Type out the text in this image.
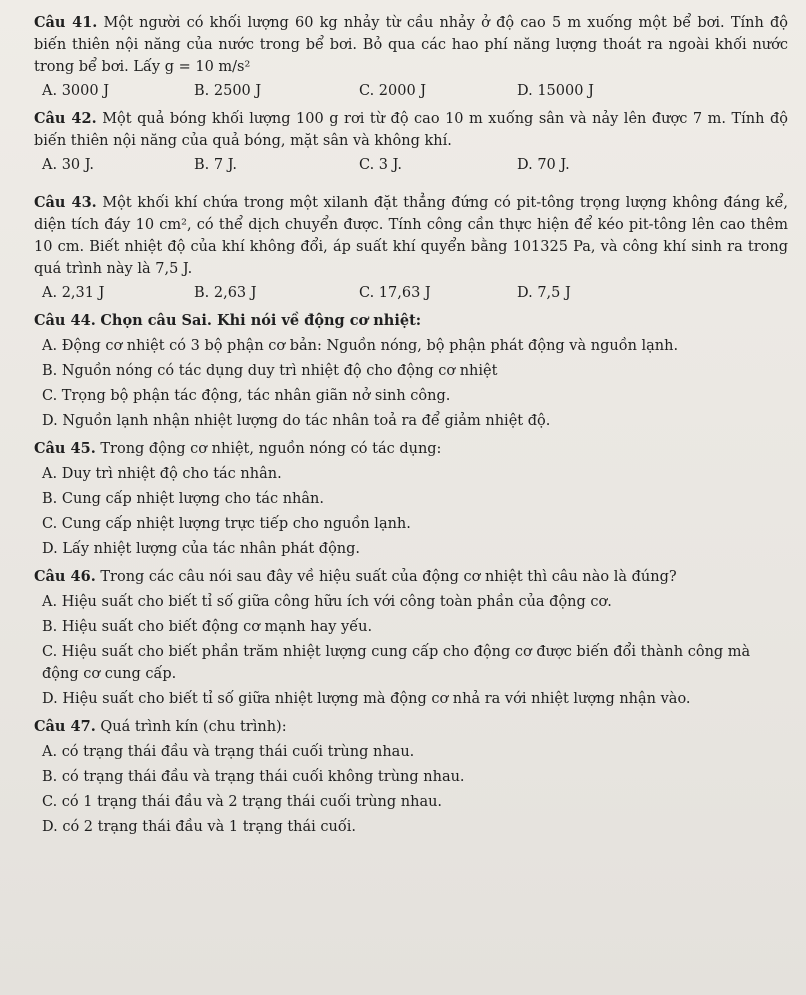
Câu 41. Một người có khối lượng 60 kg nhảy từ cầu nhảy ở độ cao 5 m xuống một bể bơi. Tính độ biến thiên nội năng của nước trong bể bơi. Bỏ qua các hao phí năng lượng thoát ra ngoài khối nước trong bể bơi. Lấy g = 10 m/s²

A. 3000 J	B. 2500 J	C. 2000 J	D. 15000 J

Câu 42. Một quả bóng khối lượng 100 g rơi từ độ cao 10 m xuống sân và nảy lên được 7 m. Tính độ biến thiên nội năng của quả bóng, mặt sân và không khí.

A. 30 J.	B. 7 J.	C. 3 J.	D. 70 J.

Câu 43. Một khối khí chứa trong một xilanh đặt thẳng đứng có pit-tông trọng lượng không đáng kể, diện tích đáy 10 cm², có thể dịch chuyển được. Tính công cần thực hiện để kéo pit-tông lên cao thêm 10 cm. Biết nhiệt độ của khí không đổi, áp suất khí quyển bằng 101325 Pa, và công khí sinh ra trong quá trình này là 7,5 J.

A. 2,31 J	B. 2,63 J	C. 17,63 J	D. 7,5 J

Câu 44. Chọn câu Sai. Khi nói về động cơ nhiệt:

A. Động cơ nhiệt có 3 bộ phận cơ bản: Nguồn nóng, bộ phận phát động và nguồn lạnh.
B. Nguồn nóng có tác dụng duy trì nhiệt độ cho động cơ nhiệt
C. Trọng bộ phận tác động, tác nhân giãn nở sinh công.
D. Nguồn lạnh nhận nhiệt lượng do tác nhân toả ra để giảm nhiệt độ.

Câu 45. Trong động cơ nhiệt, nguồn nóng có tác dụng:

A. Duy trì nhiệt độ cho tác nhân.
B. Cung cấp nhiệt lượng cho tác nhân.
C. Cung cấp nhiệt lượng trực tiếp cho nguồn lạnh.
D. Lấy nhiệt lượng của tác nhân phát động.

Câu 46. Trong các câu nói sau đây về hiệu suất của động cơ nhiệt thì câu nào là đúng?

A. Hiệu suất cho biết tỉ số giữa công hữu ích với công toàn phần của động cơ.
B. Hiệu suất cho biết động cơ mạnh hay yếu.
C. Hiệu suất cho biết phần trăm nhiệt lượng cung cấp cho động cơ được biến đổi thành công mà động cơ cung cấp.
D. Hiệu suất cho biết tỉ số giữa nhiệt lượng mà động cơ nhả ra với nhiệt lượng nhận vào.

Câu 47. Quá trình kín (chu trình):

A. có trạng thái đầu và trạng thái cuối trùng nhau.
B. có trạng thái đầu và trạng thái cuối không trùng nhau.
C. có 1 trạng thái đầu và 2 trạng thái cuối trùng nhau.
D. có 2 trạng thái đầu và 1 trạng thái cuối.
